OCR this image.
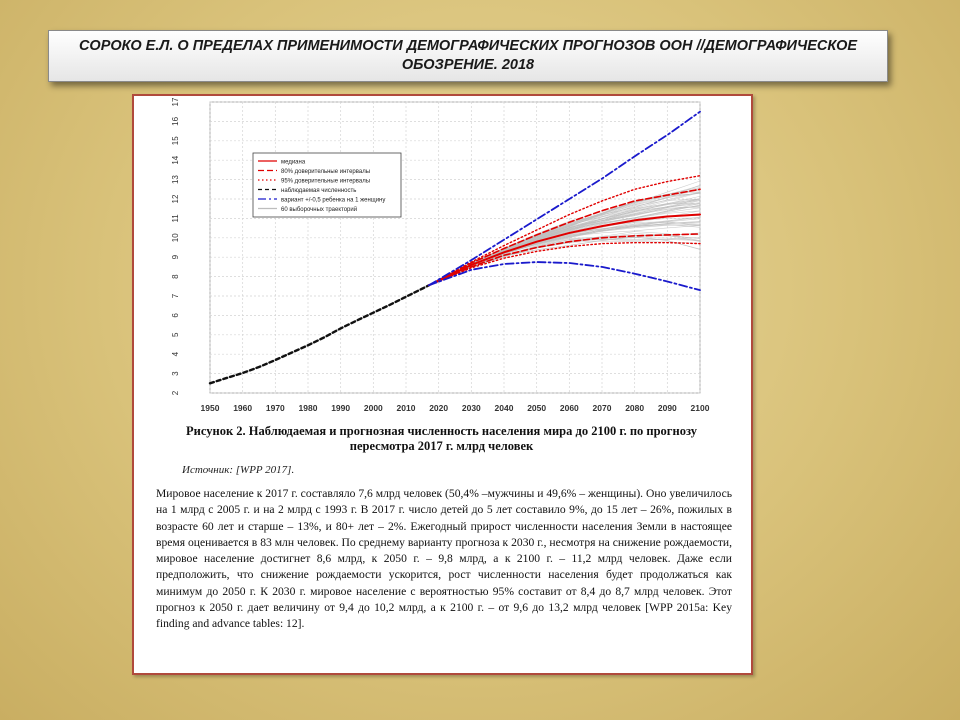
СОРОКО Е.Л. О ПРЕДЕЛАХ ПРИМЕНИМОСТИ ДЕМОГРАФИЧЕСКИХ ПРОГНОЗОВ ООН //ДЕМОГРАФИЧЕСКОЕ ОБОЗРЕНИЕ. 2018
1950 1960 1970 1980 1990 2000 2010 2020 2030 2040 2050 2060 2070 2080 2090 2100
2
3
4
5
6
7
8
9
10
11
12
13
14
15
16
17
медиана
80% доверительные интервалы
95% доверительные интервалы
наблюдаемая численность
вариант +/-0,5 ребенка на 1 женщину
60 выборочных траекторий
Рисунок 2. Наблюдаемая и прогнозная численность населения мира до 2100 г. по прогнозу пересмотра 2017 г. млрд человек
Источник: [WPP 2017].
Мировое население к 2017 г. составляло 7,6 млрд человек (50,4% –мужчины и 49,6% – женщины). Оно увеличилось на 1 млрд с 2005 г. и на 2 млрд с 1993 г. В 2017 г. число детей до 5 лет составило 9%, до 15 лет – 26%, пожилых в возрасте 60 лет и старше – 13%, и 80+ лет – 2%. Ежегодный прирост численности населения Земли в настоящее время оценивается в 83 млн человек. По среднему варианту прогноза к 2030 г., несмотря на снижение рождаемости, мировое население достигнет 8,6 млрд, к 2050 г. – 9,8 млрд, а к 2100 г. – 11,2 млрд человек. Даже если предположить, что снижение рождаемости ускорится, рост численности населения будет продолжаться как минимум до 2050 г. К 2030 г. мировое население с вероятностью 95% составит от 8,4 до 8,7 млрд человек. Этот прогноз к 2050 г. дает величину от 9,4 до 10,2 млрд, а к 2100 г. – от 9,6 до 13,2 млрд человек [WPP 2015a: Key finding and advance tables: 12].
